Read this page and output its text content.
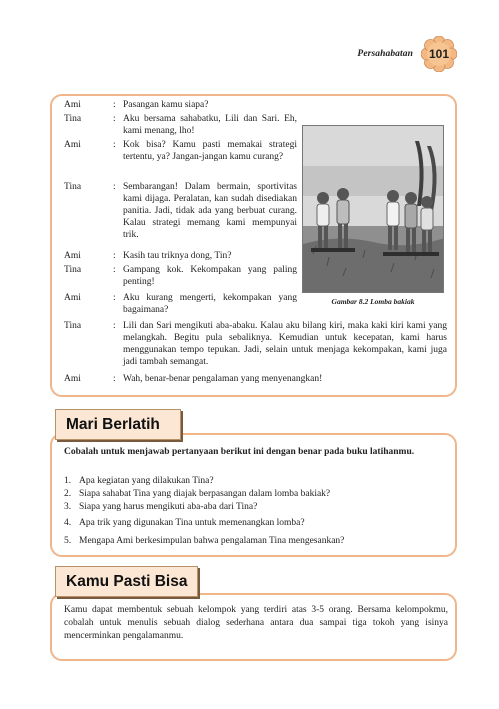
Persahabatan	101
Ami	: Pasangan kamu siapa?
Tina	: Aku bersama sahabatku, Lili dan Sari. Eh, kami menang, lho!
Ami	: Kok bisa? Kamu pasti memakai strategi tertentu, ya? Jangan-jangan kamu curang?
Tina	: Sembarangan! Dalam bermain, sportivitas kami dijaga. Peralatan, kan sudah disediakan panitia. Jadi, tidak ada yang berbuat curang. Kalau strategi memang kami mempunyai trik.
Ami	: Kasih tau triknya dong, Tin?
Tina	: Gampang kok. Kekompakan yang paling penting!
Ami	: Aku kurang mengerti, kekompakan yang bagaimana?
Tina	: Lili dan Sari mengikuti aba-abaku. Kalau aku bilang kiri, maka kaki kiri kami yang melangkah. Begitu pula sebaliknya. Kemudian untuk kecepatan, kami harus menggunakan tempo tepukan. Jadi, selain untuk menjaga kekompakan, kami juga jadi tambah semangat.
Ami	: Wah, benar-benar pengalaman yang menyenangkan!
Gambar 8.2 Lomba bakiak
Mari Berlatih
Cobalah untuk menjawab pertanyaan berikut ini dengan benar pada buku latihanmu.
1. Apa kegiatan yang dilakukan Tina?
2. Siapa sahabat Tina yang diajak berpasangan dalam lomba bakiak?
3. Siapa yang harus mengikuti aba-aba dari Tina?
4. Apa trik yang digunakan Tina untuk memenangkan lomba?
5. Mengapa Ami berkesimpulan bahwa pengalaman Tina mengesankan?
Kamu Pasti Bisa
Kamu dapat membentuk sebuah kelompok yang terdiri atas 3-5 orang. Bersama kelompokmu, cobalah untuk menulis sebuah dialog sederhana antara dua sampai tiga tokoh yang isinya mencerminkan pengalamanmu.
